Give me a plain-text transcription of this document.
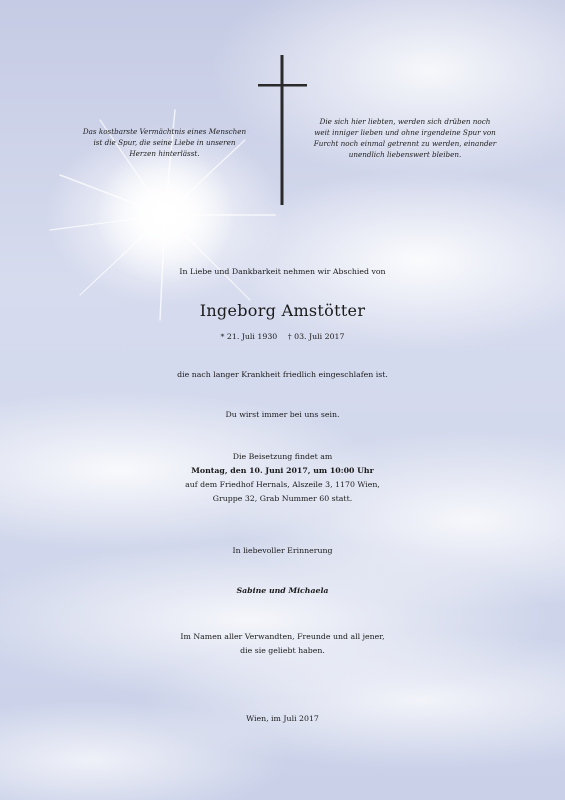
Das kostbarste Vermächtnis eines Menschen
ist die Spur, die seine Liebe in unseren
Herzen hinterlässt.
Die sich hier liebten, werden sich drüben noch
weit inniger lieben und ohne irgendeine Spur von
Furcht noch einmal getrennt zu werden, einander
unendlich liebenswert bleiben.

In Liebe und Dankbarkeit nehmen wir Abschied von

Ingeborg Amstötter

* 21. Juli 1930 † 03. Juli 2017

die nach langer Krankheit friedlich eingeschlafen ist.

Du wirst immer bei uns sein.

Die Beisetzung findet am

Montag, den 10. Juni 2017, um 10:00 Uhr

auf dem Friedhof Hernals, Alszeile 3, 1170 Wien,

Gruppe 32, Grab Nummer 60 statt.

In liebevoller Erinnerung

Sabine und Michaela

Im Namen aller Verwandten, Freunde und all jener,

die sie geliebt haben.

Wien, im Juli 2017
